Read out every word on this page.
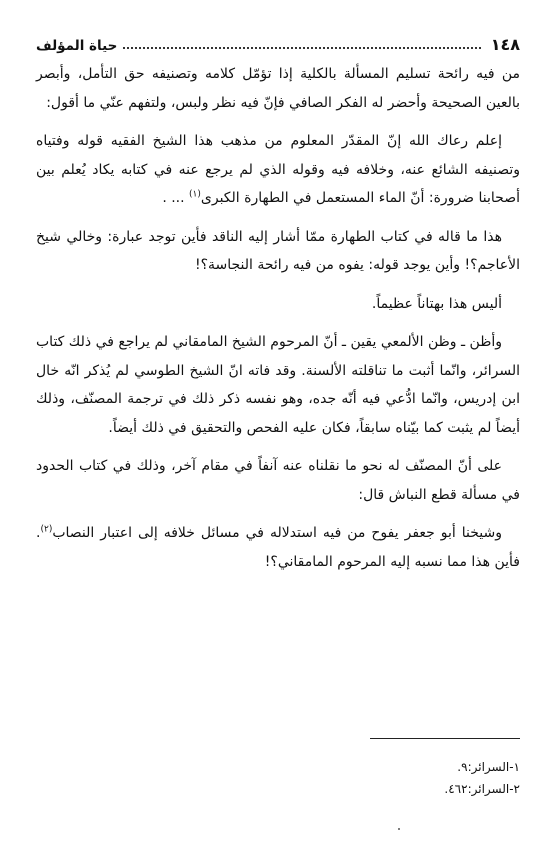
١٤٨
حياة المؤلف

من فيه رائحة تسليم المسألة بالكلية إذا تؤمّل كلامه وتصنيفه حق التأمل، وأبصر بالعين الصحيحة وأحضر له الفكر الصافي فإنّ فيه نظر ولبس، ولتفهم عنّي ما أقول:

إعلم رعاك الله إنّ المقدّر المعلوم من مذهب هذا الشيخ الفقيه قوله وفتياه وتصنيفه الشائع عنه، وخلافه فيه وقوله الذي لم يرجع عنه في كتابه يكاد يُعلم بين أصحابنا ضرورة: أنّ الماء المستعمل في الطهارة الكبرى$^{(١)}$ ... .

هذا ما قاله في كتاب الطهارة ممّا أشار إليه الناقد فأين توجد عبارة: وخالي شيخ الأعاجم؟! وأين يوجد قوله: يفوه من فيه رائحة النجاسة؟!

أليس هذا بهتاناً عظيماً.

وأظن ـ وظن الألمعي يقين ـ أنّ المرحوم الشيخ المامقاني لم يراجع في ذلك كتاب السرائر، وانّما أثبت ما تناقلته الألسنة. وقد فاته انّ الشيخ الطوسي لم يُذكر انّه خال ابن إدريس، وانّما ادُّعي فيه أنّه جده، وهو نفسه ذكر ذلك في ترجمة المصنّف، وذلك أيضاً لم يثبت كما بيّناه سابقاً، فكان عليه الفحص والتحقيق في ذلك أيضاً.

على أنّ المصنّف له نحو ما نقلناه عنه آنفاً في مقام آخر، وذلك في كتاب الحدود في مسألة قطع النباش قال:

وشيخنا أبو جعفر يفوح من فيه استدلاله في مسائل خلافه إلى اعتبار النصاب$^{(٢)}$. فأين هذا مما نسبه إليه المرحوم المامقاني؟!

١-السرائر:٩.

٢-السرائر:٤٦٢.
